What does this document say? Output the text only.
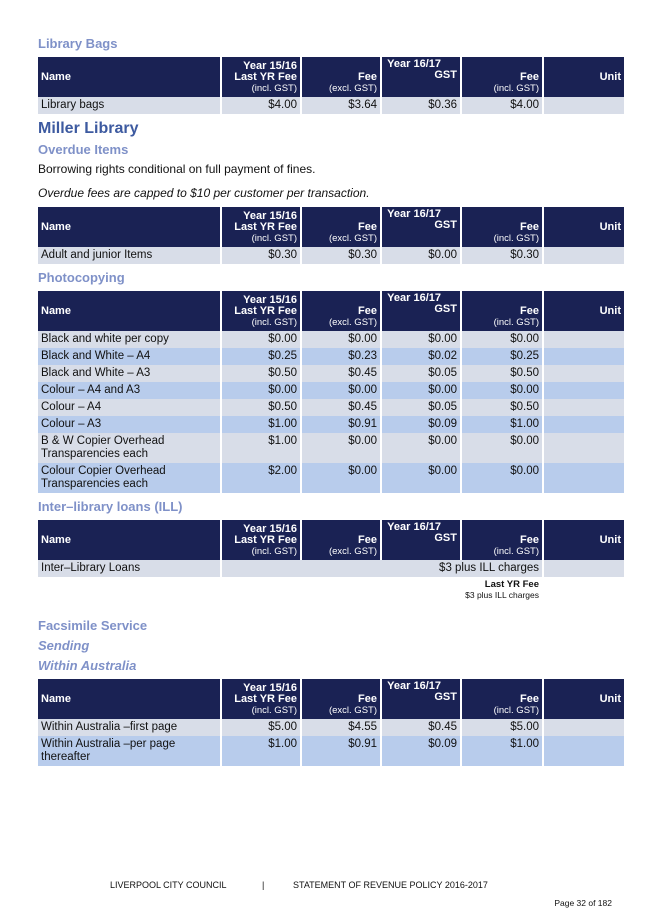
Library Bags
Name	Year 15/16
Last YR Fee
(incl. GST)	Fee
(excl. GST)	Year 16/17
GST	Fee
(incl. GST)	Unit
Library bags	$4.00	$3.64	$0.36	$4.00	
Miller Library
Overdue Items
Borrowing rights conditional on full payment of fines.
Overdue fees are capped to $10 per customer per transaction.
Name	Year 15/16
Last YR Fee
(incl. GST)	Fee
(excl. GST)	Year 16/17
GST	Fee
(incl. GST)	Unit
Adult and junior Items	$0.30	$0.30	$0.00	$0.30	
Photocopying
Name	Year 15/16
Last YR Fee
(incl. GST)	Fee
(excl. GST)	Year 16/17
GST	Fee
(incl. GST)	Unit
Black and white per copy	$0.00	$0.00	$0.00	$0.00	
Black and White – A4	$0.25	$0.23	$0.02	$0.25	
Black and White – A3	$0.50	$0.45	$0.05	$0.50	
Colour – A4 and A3	$0.00	$0.00	$0.00	$0.00	
Colour – A4	$0.50	$0.45	$0.05	$0.50	
Colour – A3	$1.00	$0.91	$0.09	$1.00	
B & W Copier Overhead Transparencies each	$1.00	$0.00	$0.00	$0.00	
Colour Copier Overhead Transparencies each	$2.00	$0.00	$0.00	$0.00	
Inter–library loans (ILL)
Name	Year 15/16
Last YR Fee
(incl. GST)	Fee
(excl. GST)	Year 16/17
GST	Fee
(incl. GST)	Unit
Inter–Library Loans	$3 plus ILL charges				

	Last YR Fee
$3 plus ILL charges				

Facsimile Service
Sending
Within Australia
Name	Year 15/16
Last YR Fee
(incl. GST)	Fee
(excl. GST)	Year 16/17
GST	Fee
(incl. GST)	Unit
Within Australia –first page	$5.00	$4.55	$0.45	$5.00	
Within Australia –per page thereafter	$1.00	$0.91	$0.09	$1.00	
LIVERPOOL CITY COUNCIL	|	STATEMENT OF REVENUE POLICY 2016-2017
Page 32 of 182
